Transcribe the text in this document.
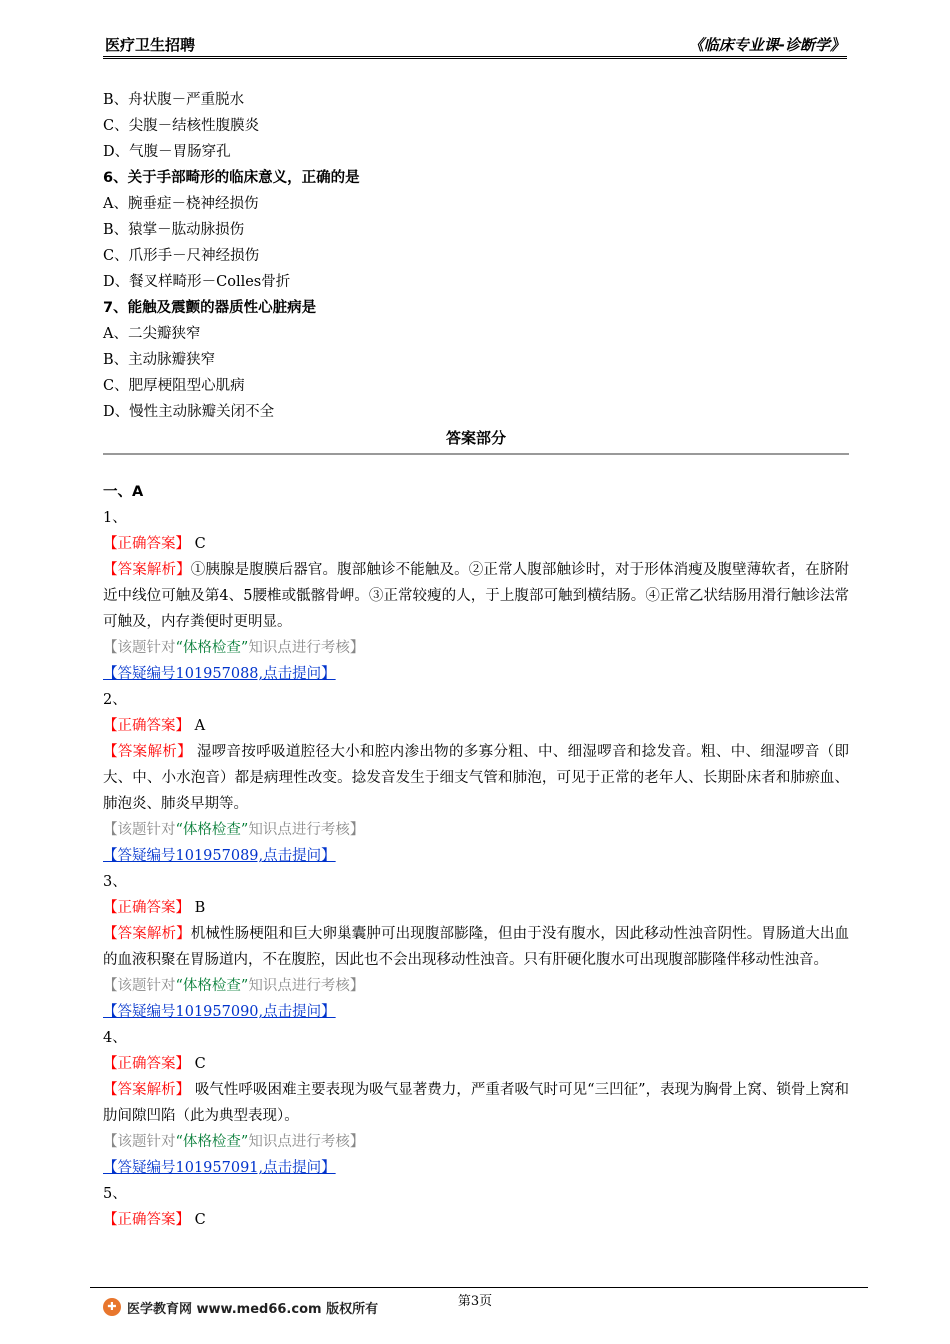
医疗卫生招聘	《临床专业课-诊断学》
B、舟状腹－严重脱水
C、尖腹－结核性腹膜炎
D、气腹－胃肠穿孔
6、关于手部畸形的临床意义，正确的是
A、腕垂症－桡神经损伤
B、猿掌－肱动脉损伤
C、爪形手－尺神经损伤
D、餐叉样畸形－Colles骨折
7、能触及震颤的器质性心脏病是
A、二尖瓣狭窄
B、主动脉瓣狭窄
C、肥厚梗阻型心肌病
D、慢性主动脉瓣关闭不全
答案部分
一、A
1、
【正确答案】 C
【答案解析】①胰腺是腹膜后器官。腹部触诊不能触及。②正常人腹部触诊时，对于形体消瘦及腹壁薄软者，在脐附近中线位可触及第4、5腰椎或骶髂骨岬。③正常较瘦的人，于上腹部可触到横结肠。④正常乙状结肠用滑行触诊法常可触及，内存粪便时更明显。
【该题针对“体格检查”知识点进行考核】
【答疑编号101957088,点击提问】
2、
【正确答案】 A
【答案解析】 湿啰音按呼吸道腔径大小和腔内渗出物的多寡分粗、中、细湿啰音和捻发音。粗、中、细湿啰音（即大、中、小水泡音）都是病理性改变。捻发音发生于细支气管和肺泡，可见于正常的老年人、长期卧床者和肺瘀血、肺泡炎、肺炎早期等。
【该题针对“体格检查”知识点进行考核】
【答疑编号101957089,点击提问】
3、
【正确答案】 B
【答案解析】机械性肠梗阻和巨大卵巢囊肿可出现腹部膨隆，但由于没有腹水，因此移动性浊音阴性。胃肠道大出血的血液积聚在胃肠道内，不在腹腔，因此也不会出现移动性浊音。只有肝硬化腹水可出现腹部膨隆伴移动性浊音。
【该题针对“体格检查”知识点进行考核】
【答疑编号101957090,点击提问】
4、
【正确答案】 C
【答案解析】 吸气性呼吸困难主要表现为吸气显著费力，严重者吸气时可见“三凹征”，表现为胸骨上窝、锁骨上窝和肋间隙凹陷（此为典型表现）。
【该题针对“体格检查”知识点进行考核】
【答疑编号101957091,点击提问】
5、
【正确答案】 C
第3页
✚ 医学教育网 www.med66.com 版权所有
